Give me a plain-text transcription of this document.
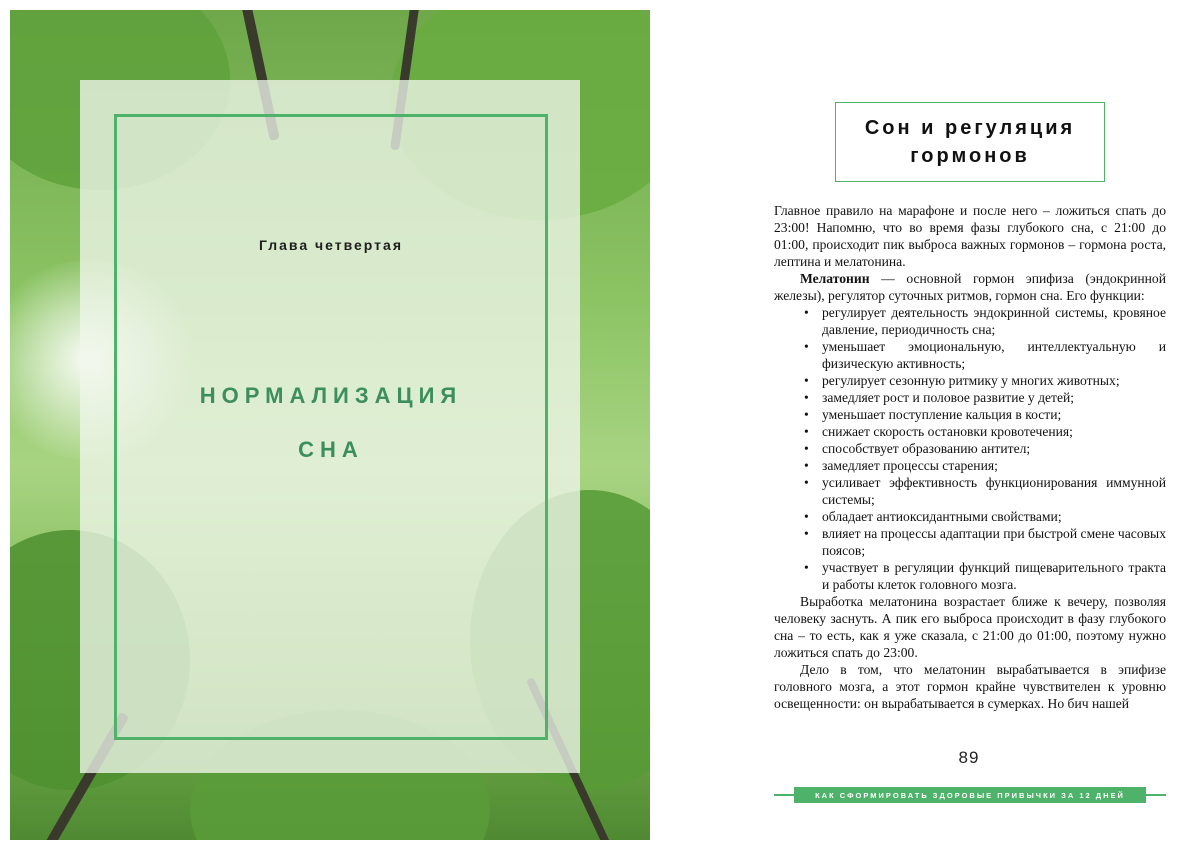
Глава четвертая
НОРМАЛИЗАЦИЯ
СНА
Сон и регуляция
гормонов

Главное правило на марафоне и после него – ложиться спать до 23:00! Напомню, что во время фазы глубокого сна, с 21:00 до 01:00, происходит пик выброса важных гормонов – гормона роста, лептина и мелатонина.

Мелатонин — основной гормон эпифиза (эндокринной железы), регулятор суточных ритмов, гормон сна. Его функции:

• регулирует деятельность эндокринной системы, кровяное давление, периодичность сна;
• уменьшает эмоциональную, интеллектуальную и физическую активность;
• регулирует сезонную ритмику у многих животных;
• замедляет рост и половое развитие у детей;
• уменьшает поступление кальция в кости;
• снижает скорость остановки кровотечения;
• способствует образованию антител;
• замедляет процессы старения;
• усиливает эффективность функционирования иммунной системы;
• обладает антиоксидантными свойствами;
• влияет на процессы адаптации при быстрой смене часовых поясов;
• участвует в регуляции функций пищеварительного тракта и работы клеток головного мозга.

Выработка мелатонина возрастает ближе к вечеру, позволяя человеку заснуть. А пик его выброса происходит в фазу глубокого сна – то есть, как я уже сказала, с 21:00 до 01:00, поэтому нужно ложиться спать до 23:00.

Дело в том, что мелатонин вырабатывается в эпифизе головного мозга, а этот гормон крайне чувствителен к уровню освещенности: он вырабатывается в сумерках. Но бич нашей

89
КАК СФОРМИРОВАТЬ ЗДОРОВЫЕ ПРИВЫЧКИ ЗА 12 ДНЕЙ
